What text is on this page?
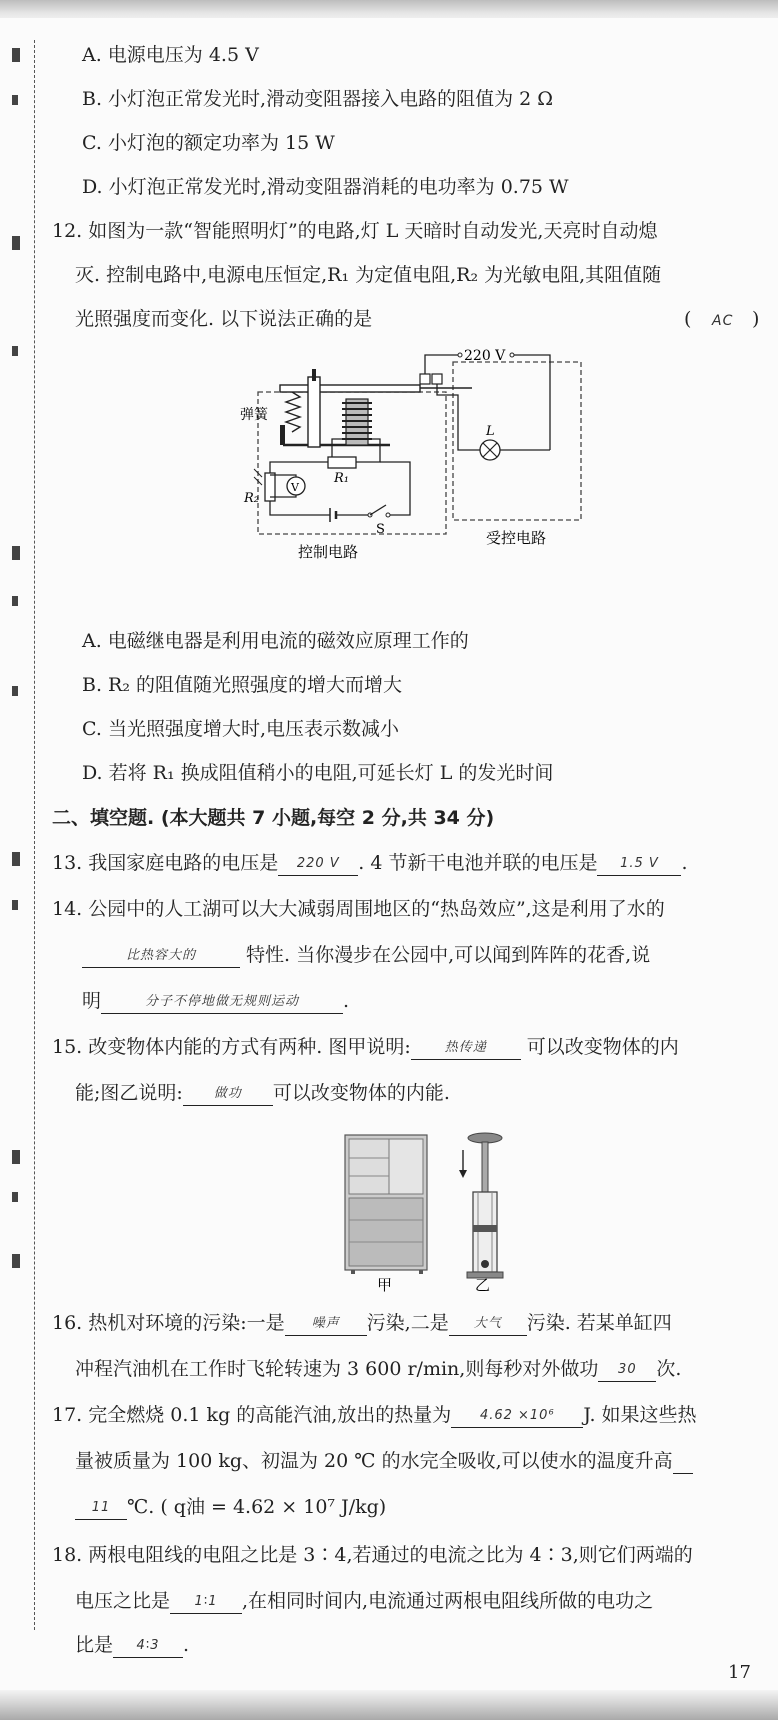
A. 电源电压为 4.5 V
B. 小灯泡正常发光时,滑动变阻器接入电路的阻值为 2 Ω
C. 小灯泡的额定功率为 15 W
D. 小灯泡正常发光时,滑动变阻器消耗的电功率为 0.75 W
12. 如图为一款“智能照明灯”的电路,灯 L 天暗时自动发光,天亮时自动熄
灭. 控制电路中,电源电压恒定,R₁ 为定值电阻,R₂ 为光敏电阻,其阻值随
光照强度而变化. 以下说法正确的是	( AC )
220 V
弹簧
L
R₁
R₂
V
S	受控电路
控制电路
A. 电磁继电器是利用电流的磁效应原理工作的
B. R₂ 的阻值随光照强度的增大而增大
C. 当光照强度增大时,电压表示数减小
D. 若将 R₁ 换成阻值稍小的电阻,可延长灯 L 的发光时间
二、填空题. (本大题共 7 小题,每空 2 分,共 34 分)
13. 我国家庭电路的电压是 220 V . 4 节新干电池并联的电压是 1.5 V .
14. 公园中的人工湖可以大大减弱周围地区的“热岛效应”,这是利用了水的
比热容大的	特性. 当你漫步在公园中,可以闻到阵阵的花香,说
明	分子不停地做无规则运动 .
15. 改变物体内能的方式有两种. 图甲说明:	热传递 可以改变物体的内
能;图乙说明: 做功 可以改变物体的内能.
甲	乙
16. 热机对环境的污染:一是 噪声 污染,二是 大气 污染. 若某单缸四
冲程汽油机在工作时飞轮转速为 3 600 r/min,则每秒对外做功 30 次.
17. 完全燃烧 0.1 kg 的高能汽油,放出的热量为 4.62 ×10⁶ J. 如果这些热
量被质量为 100 kg、初温为 20 ℃ 的水完全吸收,可以使水的温度升高
11 ℃. ( q油 = 4.62 × 10⁷ J/kg)
18. 两根电阻线的电阻之比是 3∶4,若通过的电流之比为 4∶3,则它们两端的
电压之比是 1∶1 ,在相同时间内,电流通过两根电阻线所做的电功之
比是 4∶3 .
17
